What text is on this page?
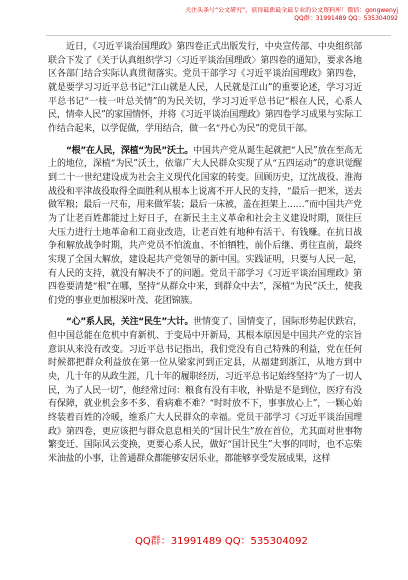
关注头条号“公文研究”，获得最新最全最专业的公文资料库！微信：gongwenyj
QQ群：31991489 QQ：535304092

近日，《习近平谈治国理政》第四卷正式出版发行，中央宣传部、中央组织部联合下发了《关于认真组织学习〈习近平谈治国理政〉第四卷的通知》，要求各地区各部门结合实际认真贯彻落实。党员干部学习《习近平谈治国理政》第四卷，就是要学习习近平总书记“江山就是人民，人民就是江山”的重要论述，学习习近平总书记“一枝一叶总关情”的为民关切，学习习近平总书记“根在人民，心系人民，情牵人民”的家国情怀，并将《习近平谈治国理政》第四卷学习成果与实际工作结合起来，以学促做，学用结合，做一名“丹心为民”的党员干部。

“根”在人民，深植“为民”沃土。中国共产党从诞生起就把“人民”放在至高无上的地位，深植“为民”沃土，依靠广大人民群众实现了从“五四运动”的意识觉醒到二十一世纪建设成为社会主义现代化国家的转变。回顾历史，辽沈战役、淮海战役和平津战役取得全面胜利从根本上说离不开人民的支持，“最后一把米，送去做军粮；最后一尺布，用来做军装；最后一床被，盖在担架上……”而中国共产党为了让老百姓都能过上好日子，在新民主主义革命和社会主义建设时期，顶住巨大压力进行土地革命和工商业改造，让老百姓有地种有活干、有钱赚。在抗日战争和解放战争时期，共产党员不怕流血、不怕牺牲，前仆后继、勇往直前，最终实现了全国大解放，建设起共产党领导的新中国。实践证明，只要与人民一起，有人民的支持，就没有解决不了的问题。党员干部学习《习近平谈治国理政》第四卷要清楚“根”在哪，坚持“从群众中来，到群众中去”，深植“为民”沃土，使我们党的事业更加根深叶茂、花团锦簇。

“心”系人民，关注“民生”大计。世情变了、国情变了，国际形势起伏跌宕，但中国总能在危机中育新机、于变局中开新局，其根本原因是中国共产党的宗旨意识从来没有改变。习近平总书记指出，我们党没有自己特殊的利益，党在任何时候都把群众利益放在第一位从梁家河到正定县，从福建到浙江，从地方到中央，几十年的从政生涯，几十年的履职经历，习近平总书记始终坚持“为了一切人民，为了人民一切”，他经常过问：粮食有没有丰收，补贴是不是到位，医疗有没有保障，就业机会多不多、看病难不难？“时时放不下，事事放心上”，一颗心始终装着百姓的冷暖，维系广大人民群众的幸福。党员干部学习《习近平谈治国理政》第四卷，更应该把与群众息息相关的“国计民生”放在首位，尤其面对世事物繁变迁、国际风云变换，更要心系人民，做好“国计民生”大事的同时，也不忘柴米油盐的小事，让普通群众都能够安居乐业，都能够享受发展成果，这样

QQ群：31991489 QQ：535304092
